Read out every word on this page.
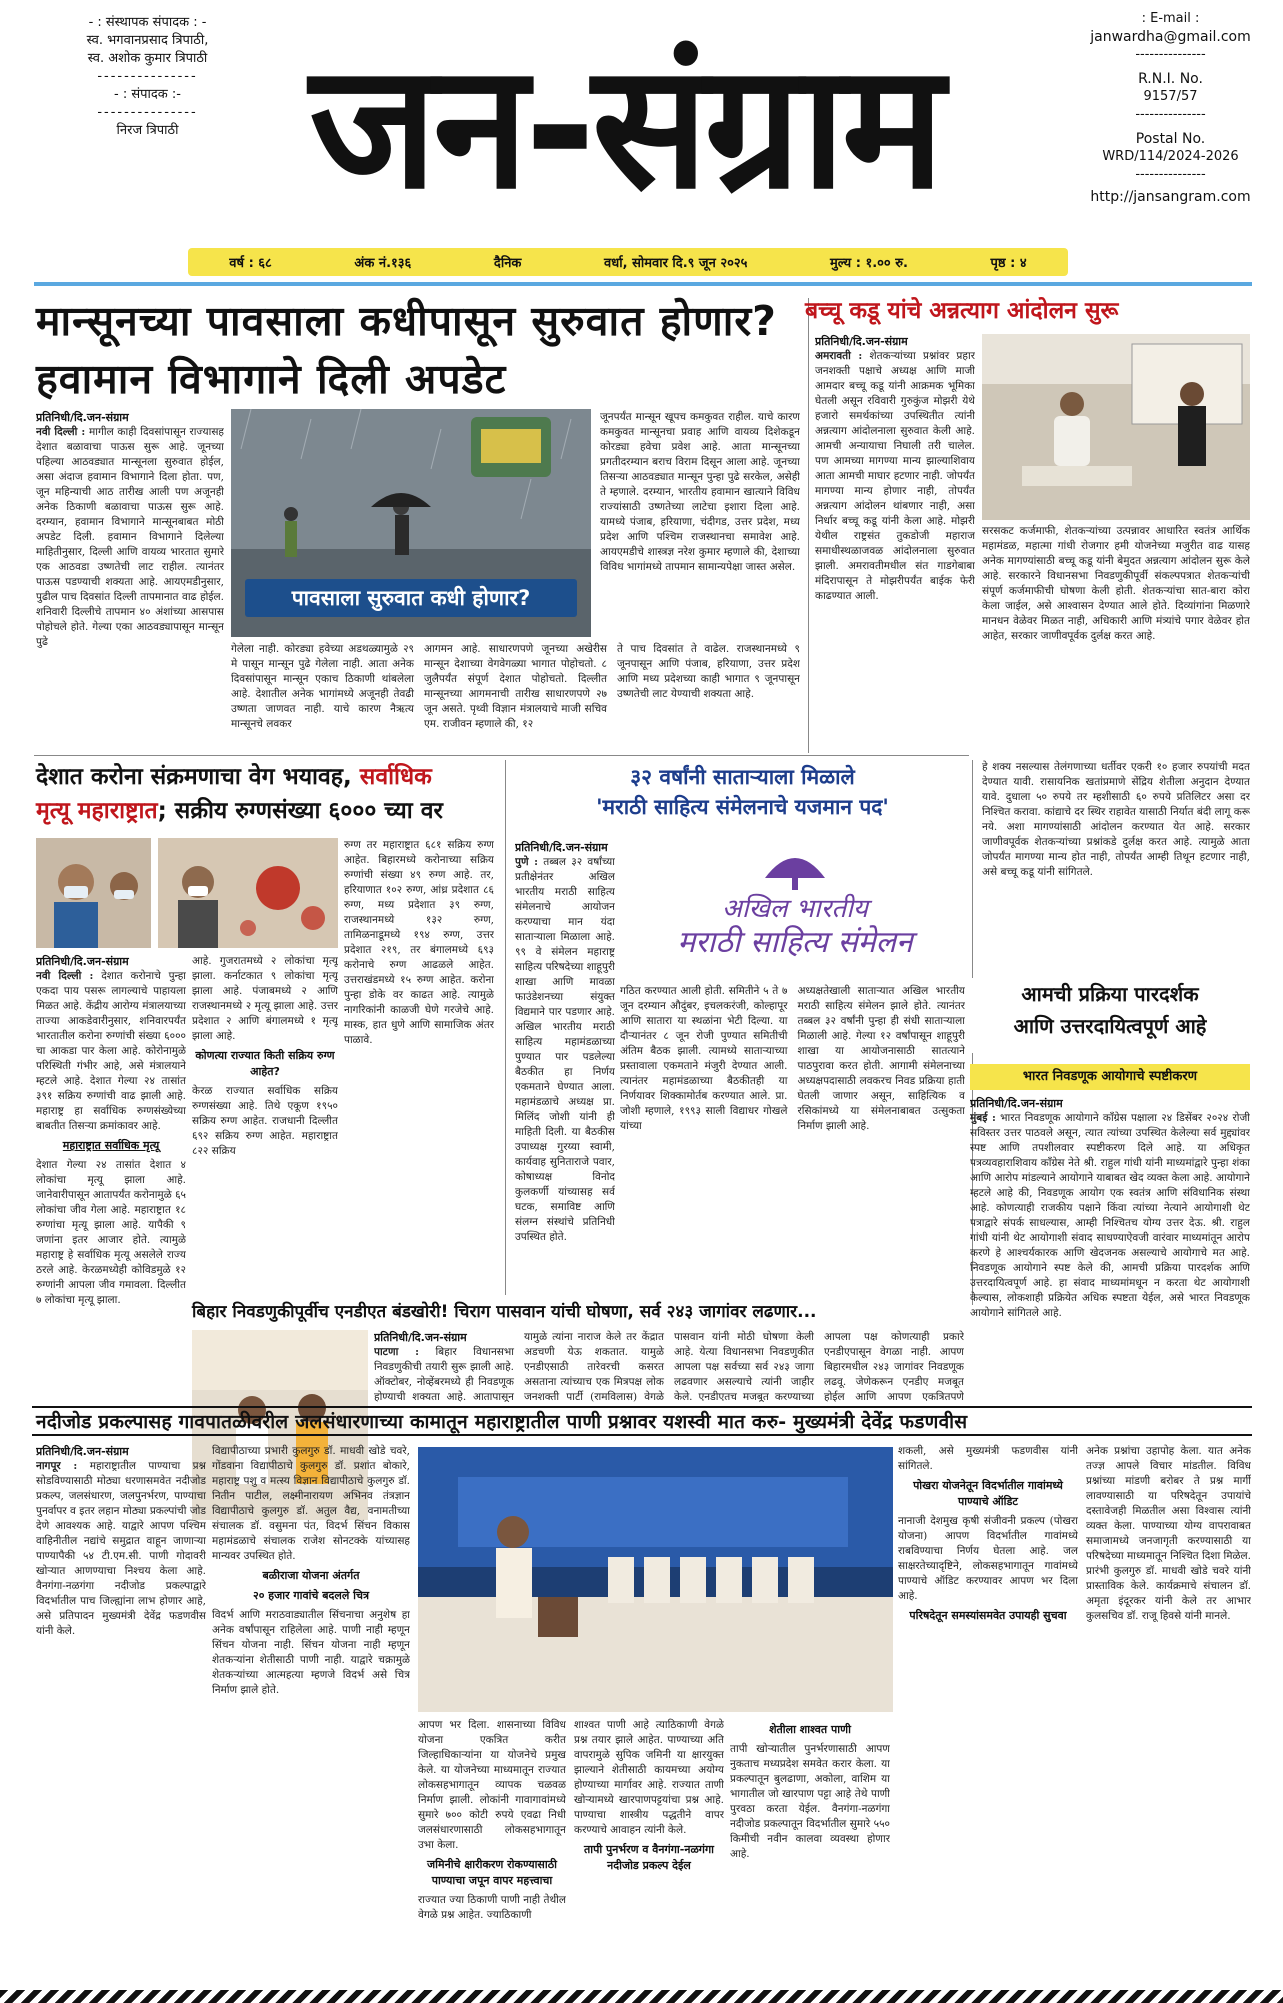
- : संस्थापक संपादक : -
स्व. भगवानप्रसाद त्रिपाठी,
स्व. अशोक कुमार त्रिपाठी
---------------
- : संपादक :-
---------------
निरज त्रिपाठी जन-संग्राम
: E-mail :
janwardha@gmail.com
---------------
R.N.I. No.
9157/57
---------------
Postal No.
WRD/114/2024-2026
---------------
http://jansangram.com
वर्ष : ६८	अंक नं.१३६	दैनिक	वर्धा, सोमवार दि.९ जून २०२५	मुल्य : १.०० रु.	पृष्ठ : ४
मान्सूनच्या पावसाला कधीपासून सुरुवात होणार? हवामान विभागाने दिली अपडेट
प्रतिनिधी/दि.जन-संग्राम
नवी दिल्ली : मागील काही दिवसांपासून राज्यासह देशात बळावाचा पाऊस सुरू आहे. जूनच्या पहिल्या आठवड्यात मान्सूनला सुरुवात होईल, असा अंदाज हवामान विभागाने दिला होता. पण, जून महिन्याची आठ तारीख आली पण अजूनही अनेक ठिकाणी बळावाचा पाऊस सुरू आहे. दरम्यान, हवामान विभागाने मान्सूनबाबत मोठी अपडेट दिली. हवामान विभागाने दिलेल्या माहितीनुसार, दिल्ली आणि वायव्य भारतात सुमारे एक आठवडा उष्णतेची लाट राहील. त्यानंतर पाऊस पडण्याची शक्यता आहे. आयएमडीनुसार, पुढील पाच दिवसांत दिल्ली तापमानात वाढ होईल. शनिवारी दिल्लीचे तापमान ४० अंशांच्या आसपास पोहोचले होते. गेल्या एका आठवड्यापासून मान्सून पुढे
पावसाला सुरुवात कधी होणार?
जूनपर्यंत मान्सून खूपच कमकुवत राहील. याचे कारण कमकुवत मान्सूनचा प्रवाह आणि वायव्य दिशेकडून कोरड्या हवेचा प्रवेश आहे. आता मान्सूनच्या प्रगतीदरम्यान बराच विराम दिसून आला आहे. जूनच्या तिसऱ्या आठवड्यात मान्सून पुन्हा पुढे सरकेल, असेही ते म्हणाले. दरम्यान, भारतीय हवामान खात्याने विविध राज्यांसाठी उष्णतेच्या लाटेचा इशारा दिला आहे. यामध्ये पंजाब, हरियाणा, चंदीगड, उत्तर प्रदेश, मध्य प्रदेश आणि पश्चिम राजस्थानचा समावेश आहे. आयएमडीचे शास्त्रज्ञ नरेश कुमार म्हणाले की, देशाच्या विविध भागांमध्ये तापमान सामान्यपेक्षा जास्त असेल.
गेलेला नाही. कोरड्या हवेच्या अडथळ्यामुळे २९ मे पासून मान्सून पुढे गेलेला नाही. आता अनेक दिवसांपासून मान्सून एकाच ठिकाणी थांबलेला आहे. देशातील अनेक भागांमध्ये अजूनही तेवढी उष्णता जाणवत नाही. याचे कारण नैऋत्य मान्सूनचे लवकर
आगमन आहे. साधारणपणे जूनच्या अखेरीस मान्सून देशाच्या वेगवेगळ्या भागात पोहोचतो. ८ जुलैपर्यंत संपूर्ण देशात पोहोचतो. दिल्लीत मान्सूनच्या आगमनाची तारीख साधारणपणे २७ जून असते. पृथ्वी विज्ञान मंत्रालयाचे माजी सचिव एम. राजीवन म्हणाले की, १२
ते पाच दिवसांत ते वाढेल. राजस्थानमध्ये ९ जूनपासून आणि पंजाब, हरियाणा, उत्तर प्रदेश आणि मध्य प्रदेशच्या काही भागात ९ जूनपासून उष्णतेची लाट येण्याची शक्यता आहे.
बच्चू कडू यांचे अन्नत्याग आंदोलन सुरू
प्रतिनिधी/दि.जन-संग्राम
अमरावती : शेतकऱ्यांच्या प्रश्नांवर प्रहार जनशक्ती पक्षाचे अध्यक्ष आणि माजी आमदार बच्चू कडू यांनी आक्रमक भूमिका घेतली असून रविवारी गुरुकुंज मोझरी येथे हजारो समर्थकांच्या उपस्थितीत त्यांनी अन्नत्याग आंदोलनाला सुरुवात केली आहे. आमची अन्यायाचा निघाली तरी चालेल. पण आमच्या मागण्या मान्य झाल्याशिवाय आता आमची माघार हटणार नाही. जोपर्यंत मागण्या मान्य होणार नाही, तोपर्यंत अन्नत्याग आंदोलन थांबणार नाही, असा निर्धार बच्चू कडू यांनी केला आहे. मोझरी येथील राष्ट्रसंत तुकडोजी महाराज समाधीस्थळाजवळ आंदोलनाला सुरुवात झाली. अमरावतीमधील संत गाडगेबाबा मंदिरापासून ते मोझरीपर्यंत बाईक फेरी काढण्यात आली.
सरसकट कर्जमाफी, शेतकऱ्यांच्या उत्पन्नावर आधारित स्वतंत्र आर्थिक महामंडळ, महात्मा गांधी रोजगार हमी योजनेच्या मजुरीत वाढ यासह अनेक मागण्यांसाठी बच्चू कडू यांनी बेमुदत अन्नत्याग आंदोलन सुरू केले आहे. सरकारने विधानसभा निवडणुकीपूर्वी संकल्पपत्रात शेतकऱ्यांची संपूर्ण कर्जमाफीची घोषणा केली होती. शेतकऱ्यांचा सात-बारा कोरा केला जाईल, असे आश्वासन देण्यात आले होते. दिव्यांगांना मिळणारे मानधन वेळेवर मिळत नाही, अधिकारी आणि मंत्र्यांचे पगार वेळेवर होत आहेत, सरकार जाणीवपूर्वक दुर्लक्ष करत आहे.
हे शक्य नसल्यास तेलंगणाच्या धर्तीवर एकरी १० हजार रुपयांची मदत देण्यात यावी. रासायनिक खतांप्रमाणे सेंद्रिय शेतीला अनुदान देण्यात यावे. दुधाला ५० रुपये तर म्हशीसाठी ६० रुपये प्रतिलिटर असा दर निश्चित करावा. कांद्याचे दर स्थिर राहावेत यासाठी निर्यात बंदी लागू करू नये. अशा मागण्यांसाठी आंदोलन करण्यात येत आहे. सरकार जाणीवपूर्वक शेतकऱ्यांच्या प्रश्नांकडे दुर्लक्ष करत आहे. त्यामुळे आता जोपर्यंत मागण्या मान्य होत नाही, तोपर्यंत आम्ही तिथून हटणार नाही, असे बच्चू कडू यांनी सांगितले.
देशात करोना संक्रमणाचा वेग भयावह, सर्वाधिक
मृत्यू महाराष्ट्रात; सक्रीय रुग्णसंख्या ६००० च्या वर
प्रतिनिधी/दि.जन-संग्राम
नवी दिल्ली : देशात करोनाचे पुन्हा एकदा पाय पसरू लागल्याचे पाहायला मिळत आहे. केंद्रीय आरोग्य मंत्रालयाच्या ताज्या आकडेवारीनुसार, शनिवारपर्यंत भारतातील करोना रुग्णांची संख्या ६००० चा आकडा पार केला आहे. कोरोनामुळे परिस्थिती गंभीर आहे, असे मंत्रालयाने म्हटले आहे. देशात गेल्या २४ तासांत ३९१ सक्रिय रुग्णांची वाढ झाली आहे. महाराष्ट्र हा सर्वाधिक रुग्णसंख्येच्या बाबतीत तिसऱ्या क्रमांकावर आहे.
महाराष्ट्रात सर्वाधिक मृत्यू
देशात गेल्या २४ तासांत देशात ४ लोकांचा मृत्यू झाला आहे. जानेवारीपासून आतापर्यंत करोनामुळे ६५ लोकांचा जीव गेला आहे. महाराष्ट्रात १८ रुग्णांचा मृत्यू झाला आहे. यापैकी ९ जणांना इतर आजार होते. त्यामुळे महाराष्ट्र हे सर्वाधिक मृत्यू असलेले राज्य ठरले आहे. केरळमध्येही कोविडमुळे १२ रुग्णांनी आपला जीव गमावला. दिल्लीत ७ लोकांचा मृत्यू झाला.
आहे. गुजरातमध्ये २ लोकांचा मृत्यू झाला. कर्नाटकात ९ लोकांचा मृत्यू झाला आहे. पंजाबमध्ये २ आणि राजस्थानमध्ये २ मृत्यू झाला आहे. उत्तर प्रदेशात २ आणि बंगालमध्ये १ मृत्यू झाला आहे.
कोणत्या राज्यात किती सक्रिय रुग्ण आहेत?
केरळ राज्यात सर्वाधिक सक्रिय रुग्णसंख्या आहे. तिथे एकूण १९५० सक्रिय रुग्ण आहेत. राजधानी दिल्लीत ६९२ सक्रिय रुग्ण आहेत. महाराष्ट्रात ८२२ सक्रिय
रुग्ण तर महाराष्ट्रात ६८१ सक्रिय रुग्ण आहेत. बिहारमध्ये करोनाच्या सक्रिय रुग्णांची संख्या ४९ रुग्ण आहे. तर, हरियाणात १०२ रुग्ण, आंध्र प्रदेशात ८६ रुग्ण, मध्य प्रदेशात ३९ रुग्ण, राजस्थानमध्ये १३२ रुग्ण, तामिळनाडूमध्ये १९४ रुग्ण, उत्तर प्रदेशात २१९, तर बंगालमध्ये ६९३ करोनाचे रुग्ण आढळले आहेत. उत्तराखंडमध्ये १५ रुग्ण आहेत. करोना पुन्हा डोके वर काढत आहे. त्यामुळे नागरिकांनी काळजी घेणे गरजेचे आहे. मास्क, हात धुणे आणि सामाजिक अंतर पाळावे.
३२ वर्षांनी साताऱ्याला मिळाले
'मराठी साहित्य संमेलनाचे यजमान पद'
प्रतिनिधी/दि.जन-संग्राम
पुणे : तब्बल ३२ वर्षांच्या प्रतीक्षेनंतर अखिल भारतीय मराठी साहित्य संमेलनाचे आयोजन करण्याचा मान यंदा साताऱ्याला मिळाला आहे. ९९ वे संमेलन महाराष्ट्र साहित्य परिषदेच्या शाहूपुरी शाखा आणि मावळा फाउंडेशनच्या संयुक्त विद्यमाने पार पडणार आहे. अखिल भारतीय मराठी साहित्य महामंडळाच्या पुण्यात पार पडलेल्या बैठकीत हा निर्णय एकमताने घेण्यात आला. महामंडळाचे अध्यक्ष प्रा. मिलिंद जोशी यांनी ही माहिती दिली. या बैठकीस उपाध्यक्ष गुरय्या स्वामी, कार्यवाह सुनिताराजे पवार, कोषाध्यक्ष विनोद कुलकर्णी यांच्यासह सर्व घटक, समाविष्ट आणि संलग्न संस्थांचे प्रतिनिधी उपस्थित होते.
अखिल भारतीय
मराठी साहित्य संमेलन
गठित करण्यात आली होती. समितीने ५ ते ७ जून दरम्यान औदुंबर, इचलकरंजी, कोल्हापूर आणि सातारा या स्थळांना भेटी दिल्या. या दौऱ्यानंतर ८ जून रोजी पुण्यात समितीची अंतिम बैठक झाली. त्यामध्ये साताऱ्याच्या प्रस्तावाला एकमताने मंजुरी देण्यात आली. त्यानंतर महामंडळाच्या बैठकीतही या निर्णयावर शिक्कामोर्तब करण्यात आले. प्रा. जोशी म्हणाले, १९९३ साली विद्याधर गोखले यांच्या
अध्यक्षतेखाली साताऱ्यात अखिल भारतीय मराठी साहित्य संमेलन झाले होते. त्यानंतर तब्बल ३२ वर्षांनी पुन्हा ही संधी साताऱ्याला मिळाली आहे. गेल्या १२ वर्षांपासून शाहूपुरी शाखा या आयोजनासाठी सातत्याने पाठपुरावा करत होती. आगामी संमेलनाच्या अध्यक्षपदासाठी लवकरच निवड प्रक्रिया हाती घेतली जाणार असून, साहित्यिक व रसिकांमध्ये या संमेलनाबाबत उत्सुकता निर्माण झाली आहे.
आमची प्रक्रिया पारदर्शक
आणि उत्तरदायित्वपूर्ण आहे
भारत निवडणूक आयोगाचे स्पष्टीकरण
प्रतिनिधी/दि.जन-संग्राम
मुंबई : भारत निवडणूक आयोगाने काँग्रेस पक्षाला २४ डिसेंबर २०२४ रोजी सविस्तर उत्तर पाठवले असून, त्यात त्यांच्या उपस्थित केलेल्या सर्व मुद्द्यांवर स्पष्ट आणि तपशीलवार स्पष्टीकरण दिले आहे. या अधिकृत पत्रव्यवहाराशिवाय काँग्रेस नेते श्री. राहुल गांधी यांनी माध्यमांद्वारे पुन्हा शंका आणि आरोप मांडल्याने आयोगाने याबाबत खेद व्यक्त केला आहे. आयोगाने म्हटले आहे की, निवडणूक आयोग एक स्वतंत्र आणि संविधानिक संस्था आहे. कोणत्याही राजकीय पक्षाने किंवा त्यांच्या नेत्याने आयोगाशी थेट पत्राद्वारे संपर्क साधल्यास, आम्ही निश्चितच योग्य उत्तर देऊ. श्री. राहुल गांधी यांनी थेट आयोगाशी संवाद साधण्याऐवजी वारंवार माध्यमांतून आरोप करणे हे आश्चर्यकारक आणि खेदजनक असल्याचे आयोगाचे मत आहे. निवडणूक आयोगाने स्पष्ट केले की, आमची प्रक्रिया पारदर्शक आणि उत्तरदायित्वपूर्ण आहे. हा संवाद माध्यमांमधून न करता थेट आयोगाशी केल्यास, लोकशाही प्रक्रियेत अधिक स्पष्टता येईल, असे भारत निवडणूक आयोगाने सांगितले आहे.
बिहार निवडणुकीपूर्वीच एनडीएत बंडखोरी! चिराग पासवान यांची घोषणा, सर्व २४३ जागांवर लढणार...
प्रतिनिधी/दि.जन-संग्राम
पाटणा : बिहार विधानसभा निवडणुकीची तयारी सुरू झाली आहे. ऑक्टोबर, नोव्हेंबरमध्ये ही निवडणूक होण्याची शक्यता आहे. आतापासून
यामुळे त्यांना नाराज केले तर केंद्रात अडचणी येऊ शकतात. यामुळे एनडीएसाठी तारेवरची कसरत असताना त्यांच्याच एक मित्रपक्ष लोक जनशक्ती पार्टी (रामविलास) वेगळे
पासवान यांनी मोठी घोषणा केली आहे. येत्या विधानसभा निवडणुकीत आपला पक्ष सर्वच्या सर्व २४३ जागा लढवणार असल्याचे त्यांनी जाहीर केले. एनडीएतच मजबूत करण्याच्या
आपला पक्ष कोणत्याही प्रकारे एनडीएपासून वेगळा नाही. आपण बिहारमधील २४३ जागांवर निवडणूक लढवू. जेणेकरून एनडीए मजबूत होईल आणि आपण एकत्रितपणे
नदीजोड प्रकल्पासह गावपातळीवरील जलसंधारणाच्या कामातून महाराष्ट्रातील पाणी प्रश्नावर यशस्वी मात करु- मुख्यमंत्री देवेंद्र फडणवीस
प्रतिनिधी/दि.जन-संग्राम
नागपूर : महाराष्ट्रातील पाण्याचा प्रश्न सोडविण्यासाठी मोठ्या धरणासमवेत नदीजोड प्रकल्प, जलसंधारण, जलपुनर्भरण, पाण्याचा पुनर्वापर व इतर लहान मोठ्या प्रकल्पांची जोड देणे आवश्यक आहे. याद्वारे आपण पश्चिम वाहिनीतील नद्यांचे समुद्रात वाहून जाणाऱ्या पाण्यापैकी ५४ टी.एम.सी. पाणी गोदावरी खोऱ्यात आणण्याचा निश्चय केला आहे. वैनगंगा-नळगंगा नदीजोड प्रकल्पाद्वारे विदर्भातील पाच जिल्ह्यांना लाभ होणार आहे, असे प्रतिपादन मुख्यमंत्री देवेंद्र फडणवीस यांनी केले.
विद्यापीठाच्या प्रभारी कुलगुरु डॉ. माधवी खोडे चवरे, गोंडवाना विद्यापीठाचे कुलगुरु डॉ. प्रशांत बोकारे, महाराष्ट्र पशु व मत्स्य विज्ञान विद्यापीठाचे कुलगुरु डॉ. नितीन पाटील, लक्ष्मीनारायण अभिनव तंत्रज्ञान विद्यापीठाचे कुलगुरु डॉ. अतुल वैद्य, वनामतीच्या संचालक डॉ. वसुमना पंत, विदर्भ सिंचन विकास महामंडळाचे संचालक राजेश सोनटक्के यांच्यासह मान्यवर उपस्थित होते.
बळीराजा योजना अंतर्गत
२० हजार गावांचे बदलले चित्र
विदर्भ आणि मराठवाड्यातील सिंचनाचा अनुशेष हा अनेक वर्षांपासून राहिलेला आहे. पाणी नाही म्हणून सिंचन योजना नाही. सिंचन योजना नाही म्हणून शेतकऱ्यांना शेतीसाठी पाणी नाही. याद्वारे चक्रामुळे शेतकऱ्यांच्या आत्महत्या म्हणजे विदर्भ असे चित्र निर्माण झाले होते.
आपण भर दिला. शासनाच्या विविध योजना एकत्रित करीत जिल्हाधिकाऱ्यांना या योजनेचे प्रमुख केले. या योजनेच्या माध्यमातून राज्यात लोकसहभागातून व्यापक चळवळ निर्माण झाली. लोकांनी गावागावांमध्ये सुमारे ७०० कोटी रुपये एवढा निधी जलसंधारणासाठी लोकसहभागातून उभा केला.
जमिनीचे क्षारीकरण रोकण्यासाठी पाण्याचा जपून वापर महत्त्वाचा
राज्यात ज्या ठिकाणी पाणी नाही तेथील वेगळे प्रश्न आहेत. ज्याठिकाणी
शाश्वत पाणी आहे त्याठिकाणी वेगळे प्रश्न तयार झाले आहेत. पाण्याच्या अति वापरामुळे सुपिक जमिनी या क्षारयुक्त झाल्याने शेतीसाठी कायमच्या अयोग्य होण्याच्या मार्गावर आहे. राज्यात ताणी खोऱ्यामध्ये खारपाणपट्टयांचा प्रश्न आहे. पाण्याचा शास्त्रीय पद्धतीने वापर करण्याचे आवाहन त्यांनी केले.
तापी पुनर्भरण व वैनगंगा-नळगंगा नदीजोड प्रकल्प देईल
शेतीला शाश्वत पाणी
तापी खोऱ्यातील पुनर्भरणासाठी आपण नुकताच मध्यप्रदेश समवेत करार केला. या प्रकल्पातून बुलढाणा, अकोला, वाशिम या भागातील जो खारपाण पट्टा आहे तेथे पाणी पुरवठा करता येईल. वैनगंगा-नळगंगा नदीजोड प्रकल्पातून विदर्भातील सुमारे ५५० किमीची नवीन कालवा व्यवस्था होणार आहे.
शकली, असे मुख्यमंत्री फडणवीस यांनी सांगितले.
पोखरा योजनेतून विदर्भातील गावांमध्ये पाण्याचे ऑडिट
नानाजी देशमुख कृषी संजीवनी प्रकल्प (पोखरा योजना) आपण विदर्भातील गावांमध्ये राबविण्याचा निर्णय घेतला आहे. जल साक्षरतेच्यादृष्टिने, लोकसहभागातून गावांमध्ये पाण्याचे ऑडिट करण्यावर आपण भर दिला आहे.
परिषदेतून समस्यांसमवेत उपायही सुचवा
अनेक प्रश्नांचा उहापोह केला. यात अनेक तज्ज्ञ आपले विचार मांडतील. विविध प्रश्नांच्या मांडणी बरोबर ते प्रश्न मार्गी लावण्यासाठी या परिषदेतून उपायांचे दस्तावेजही मिळतील असा विश्वास त्यांनी व्यक्त केला. पाण्याच्या योग्य वापरावाबत समाजामध्ये जनजागृती करण्यासाठी या परिषदेच्या माध्यमातून निश्चित दिशा मिळेल. प्रारंभी कुलगुरु डॉ. माधवी खोडे चवरे यांनी प्रास्ताविक केले. कार्यक्रमाचे संचालन डॉ. अमृता इंदूरकर यांनी केले तर आभार कुलसचिव डॉ. राजू हिवसे यांनी मानले.
